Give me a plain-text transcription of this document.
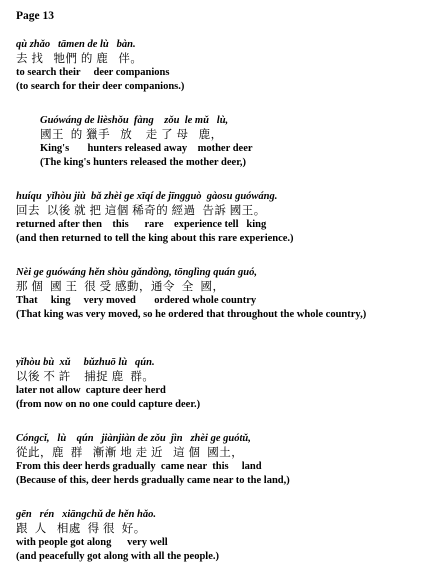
Page 13
qù zhǎo   tāmen de lù   bàn.
去 找   牠們 的 鹿   伴。
to search their     deer companions
(to search for their deer companions.)
Guówáng de lièshǒu  fàng    zǒu  le mǔ   lù,
國王  的 獵手   放    走 了 母   鹿，
King's       hunters released away    mother deer
(The king's hunters released the mother deer,)
huíqu  yǐhòu jiù  bǎ zhèi ge xīqí de jīngguò  gàosu guówáng.
回去  以後 就 把 這個 稀奇的 經過  告訴 國王。
returned after then    this      rare    experience tell   king
(and then returned to tell the king about this rare experience.)
Nèi ge guówáng hěn shòu gǎndòng, tōnglìng quán guó,
那 個  國 王  很 受 感動，通令  全  國，
That     king     very moved       ordered whole country
(That king was very moved, so he ordered that throughout the whole country,)
yǐhòu bù  xǔ     bǔzhuō lù   qún.
以後 不 許    捕捉 鹿  群。
later not allow  capture deer herd
(from now on no one could capture deer.)
Cóngcǐ,   lù    qún   jiànjiàn de zǒu  jìn   zhèi ge guótǔ,
從此，鹿  群   漸漸 地 走 近   這 個  國土，
From this deer herds gradually  came near  this     land
(Because of this, deer herds gradually came near to the land,)
gēn   rén   xiāngchǔ de hěn hǎo.
跟  人   相處  得 很  好。
with people got along      very well
(and peacefully got along with all the people.)
